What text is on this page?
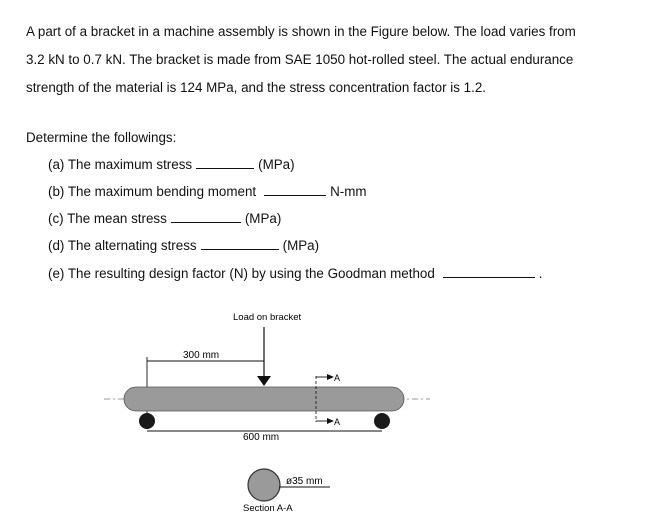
A part of a bracket in a machine assembly is shown in the Figure below. The load varies from

3.2 kN to 0.7 kN. The bracket is made from SAE 1050 hot-rolled steel. The actual endurance

strength of the material is 124 MPa, and the stress concentration factor is 1.2.

Determine the followings:
(a) The maximum stress	(MPa)
(b) The maximum bending moment	N-mm
(c) The mean stress	(MPa)
(d) The alternating stress	(MPa)
(e) The resulting design factor (N) by using the Goodman method	.
Load on bracket
300 mm
A
A
600 mm
ø35 mm
Section A-A
